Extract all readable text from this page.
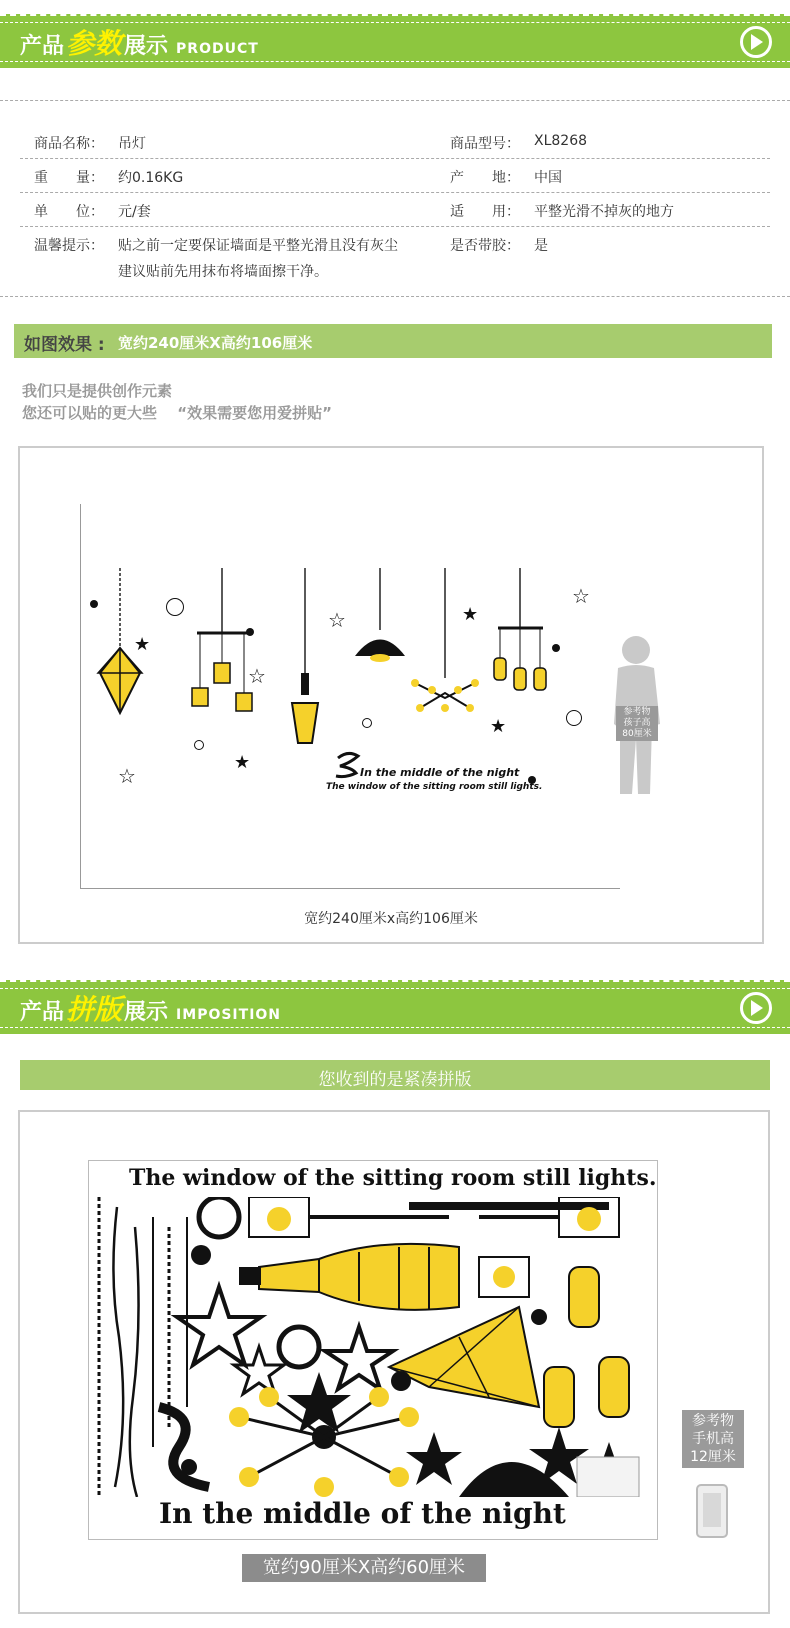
产品 参数 展示 PRODUCT
商品名称： 吊灯	商品型号： XL8268
重　　量： 约0.16KG	产　　地： 中国
单　　位： 元/套	适　　用： 平整光滑不掉灰的地方
温馨提示： 贴之前一定要保证墙面是平整光滑且没有灰尘
建议贴前先用抹布将墙面擦干净。
是否带胶： 是
如图效果 : 宽约240厘米X高约106厘米
我们只是提供创作元素
您还可以贴的更大些　 “效果需要您用爱拼贴”
★
☆
☆	★
☆
★
★
☆	In the middle of the night
The window of the sitting room still lights.
参考物
孩子高
80厘米
宽约240厘米x高约106厘米
产品 拼版 展示 IMPOSITION
您收到的是紧凑拼版
The window of the sitting room still lights.
In the middle of the night
参考物
手机高
12厘米
宽约90厘米X高约60厘米
